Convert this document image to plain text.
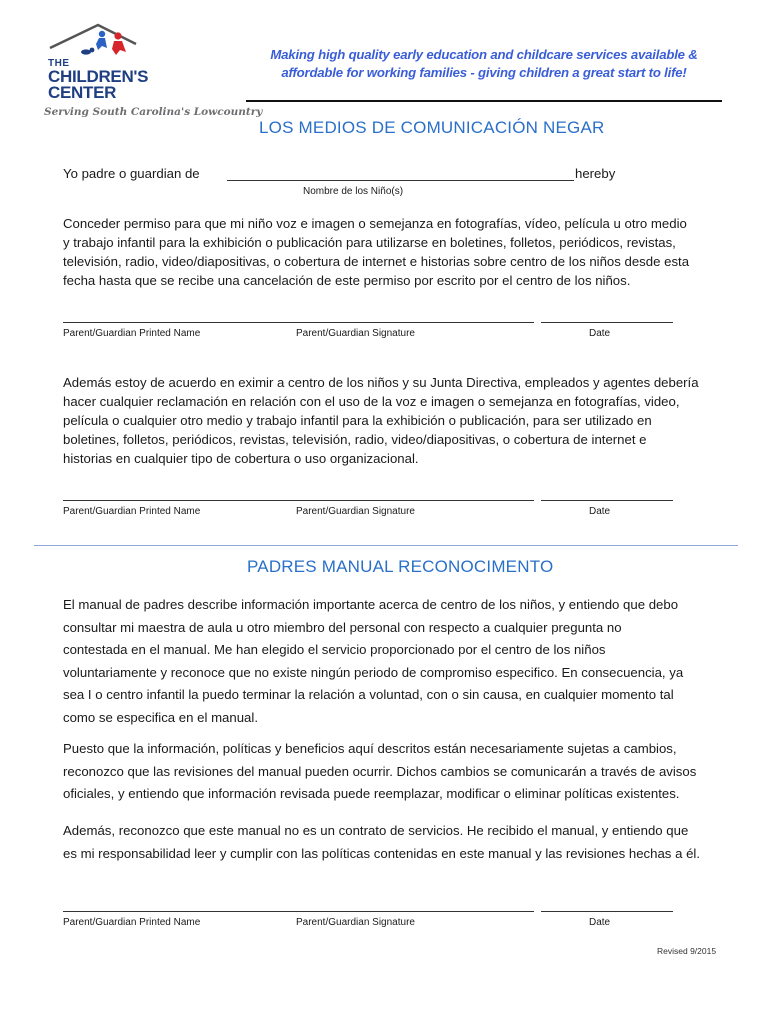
THE
CHILDREN'S
CENTER
Serving South Carolina's Lowcountry
Making high quality early education and childcare services available &
affordable for working families - giving children a great start to life!
LOS MEDIOS DE COMUNICACIÓN NEGAR
Yo padre o guardian de	hereby
Nombre de los Niño(s)
Conceder permiso para que mi niño voz e imagen o semejanza en fotografías, vídeo, película u otro medio
y trabajo infantil para la exhibición o publicación para utilizarse en boletines, folletos, periódicos, revistas,
televisión, radio, video/diapositivas, o cobertura de internet e historias sobre centro de los niños desde esta
fecha hasta que se recibe una cancelación de este permiso por escrito por el centro de los niños.
Parent/Guardian Printed Name	Parent/Guardian Signature	Date
Además estoy de acuerdo en eximir a centro de los niños y su Junta Directiva, empleados y agentes debería
hacer cualquier reclamación en relación con el uso de la voz e imagen o semejanza en fotografías, video,
película o cualquier otro medio y trabajo infantil para la exhibición o publicación, para ser utilizado en
boletines, folletos, periódicos, revistas, televisión, radio, video/diapositivas, o cobertura de internet e
historias en cualquier tipo de cobertura o uso organizacional.
Parent/Guardian Printed Name	Parent/Guardian Signature	Date
PADRES MANUAL RECONOCIMENTO
El manual de padres describe información importante acerca de centro de los niños, y entiendo que debo
consultar mi maestra de aula u otro miembro del personal con respecto a cualquier pregunta no
contestada en el manual. Me han elegido el servicio proporcionado por el centro de los niños
voluntariamente y reconoce que no existe ningún periodo de compromiso especifico. En consecuencia, ya
sea I o centro infantil la puedo terminar la relación a voluntad, con o sin causa, en cualquier momento tal
como se especifica en el manual.
Puesto que la información, políticas y beneficios aquí descritos están necesariamente sujetas a cambios,
reconozco que las revisiones del manual pueden ocurrir. Dichos cambios se comunicarán a través de avisos
oficiales, y entiendo que información revisada puede reemplazar, modificar o eliminar políticas existentes.
Además, reconozco que este manual no es un contrato de servicios. He recibido el manual, y entiendo que
es mi responsabilidad leer y cumplir con las políticas contenidas en este manual y las revisiones hechas a él.
Parent/Guardian Printed Name	Parent/Guardian Signature	Date
Revised 9/2015
